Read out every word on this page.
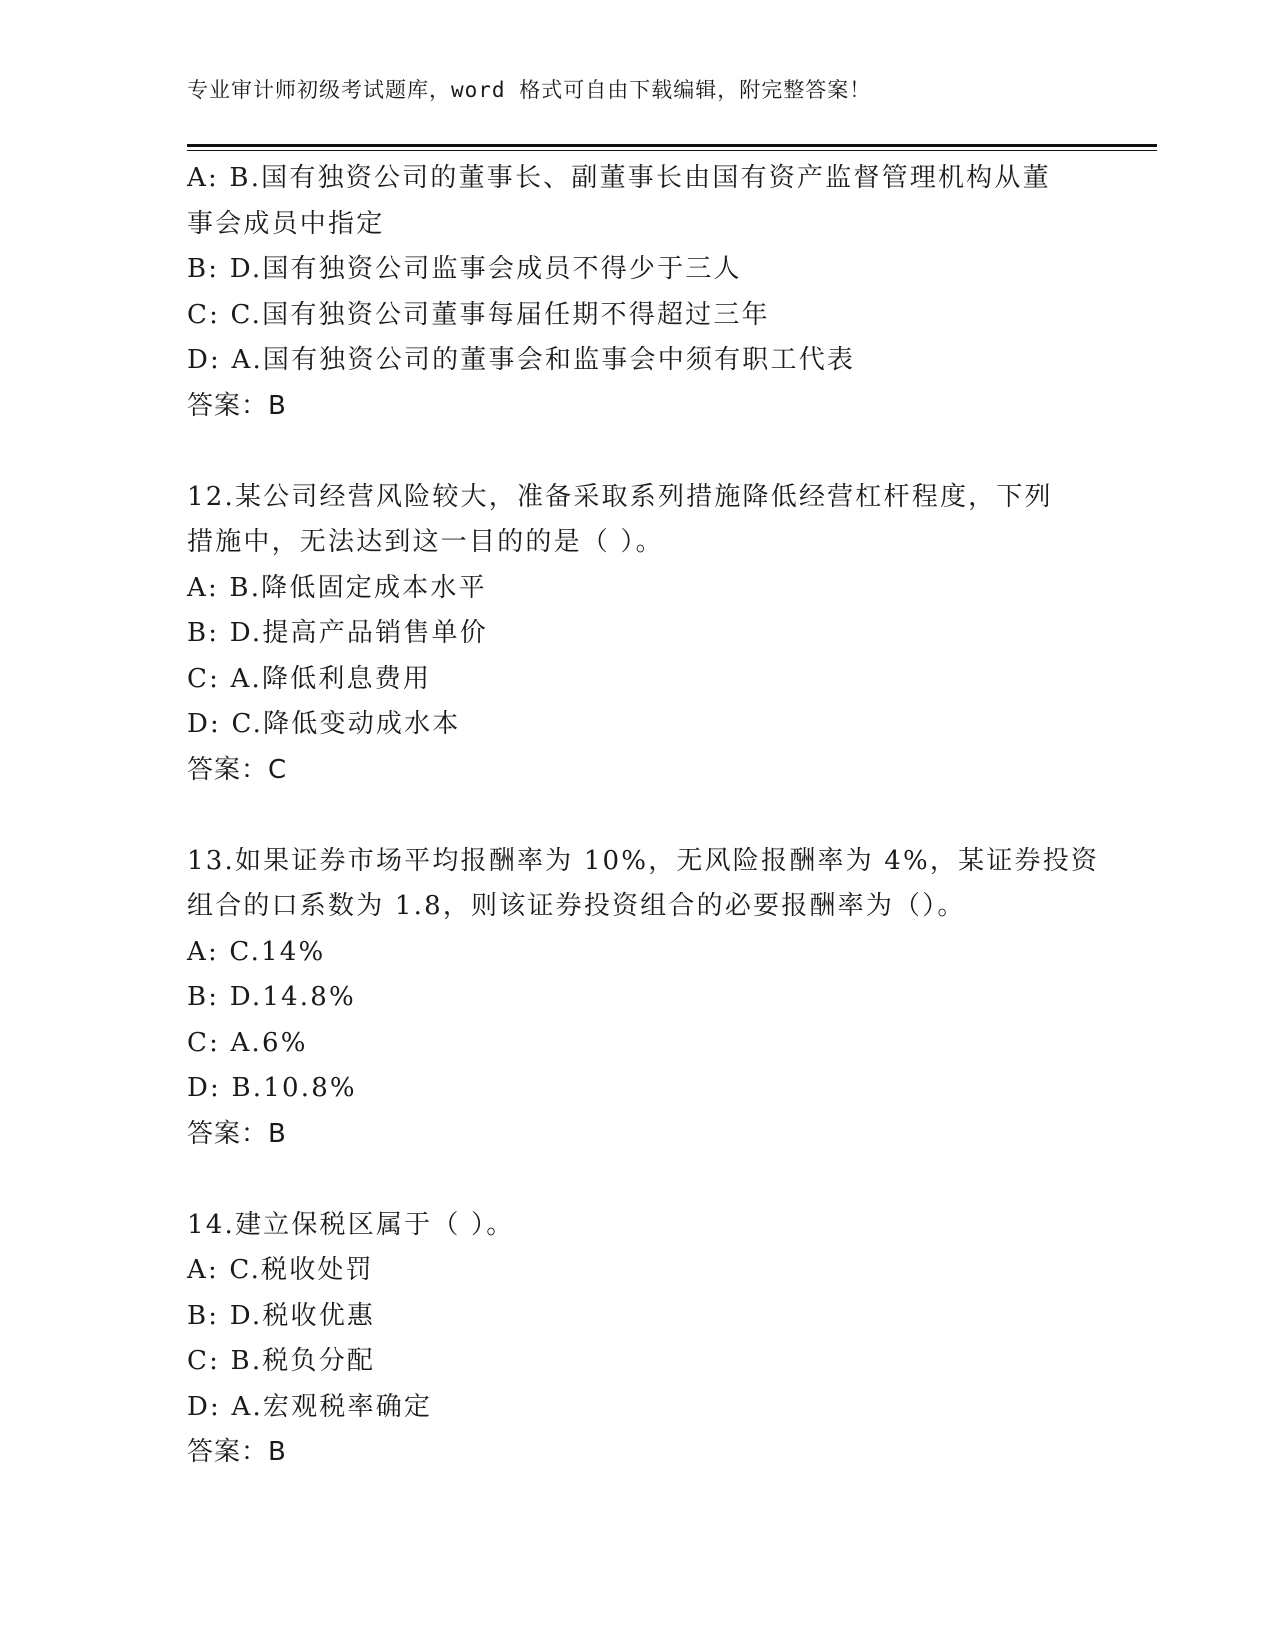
专业审计师初级考试题库，word 格式可自由下载编辑，附完整答案！
A: B.国有独资公司的董事长、副董事长由国有资产监督管理机构从董
事会成员中指定
B: D.国有独资公司监事会成员不得少于三人
C: C.国有独资公司董事每届任期不得超过三年
D: A.国有独资公司的董事会和监事会中须有职工代表
答案：B
12.某公司经营风险较大，准备采取系列措施降低经营杠杆程度，下列
措施中，无法达到这一目的的是（ ）。
A: B.降低固定成本水平
B: D.提高产品销售单价
C: A.降低利息费用
D: C.降低变动成水本
答案：C
13.如果证券市场平均报酬率为 10%，无风险报酬率为 4%，某证券投资
组合的口系数为 1.8，则该证券投资组合的必要报酬率为（）。
A: C.14%
B: D.14.8%
C: A.6%
D: B.10.8%
答案：B
14.建立保税区属于（ ）。
A: C.税收处罚
B: D.税收优惠
C: B.税负分配
D: A.宏观税率确定
答案：B
